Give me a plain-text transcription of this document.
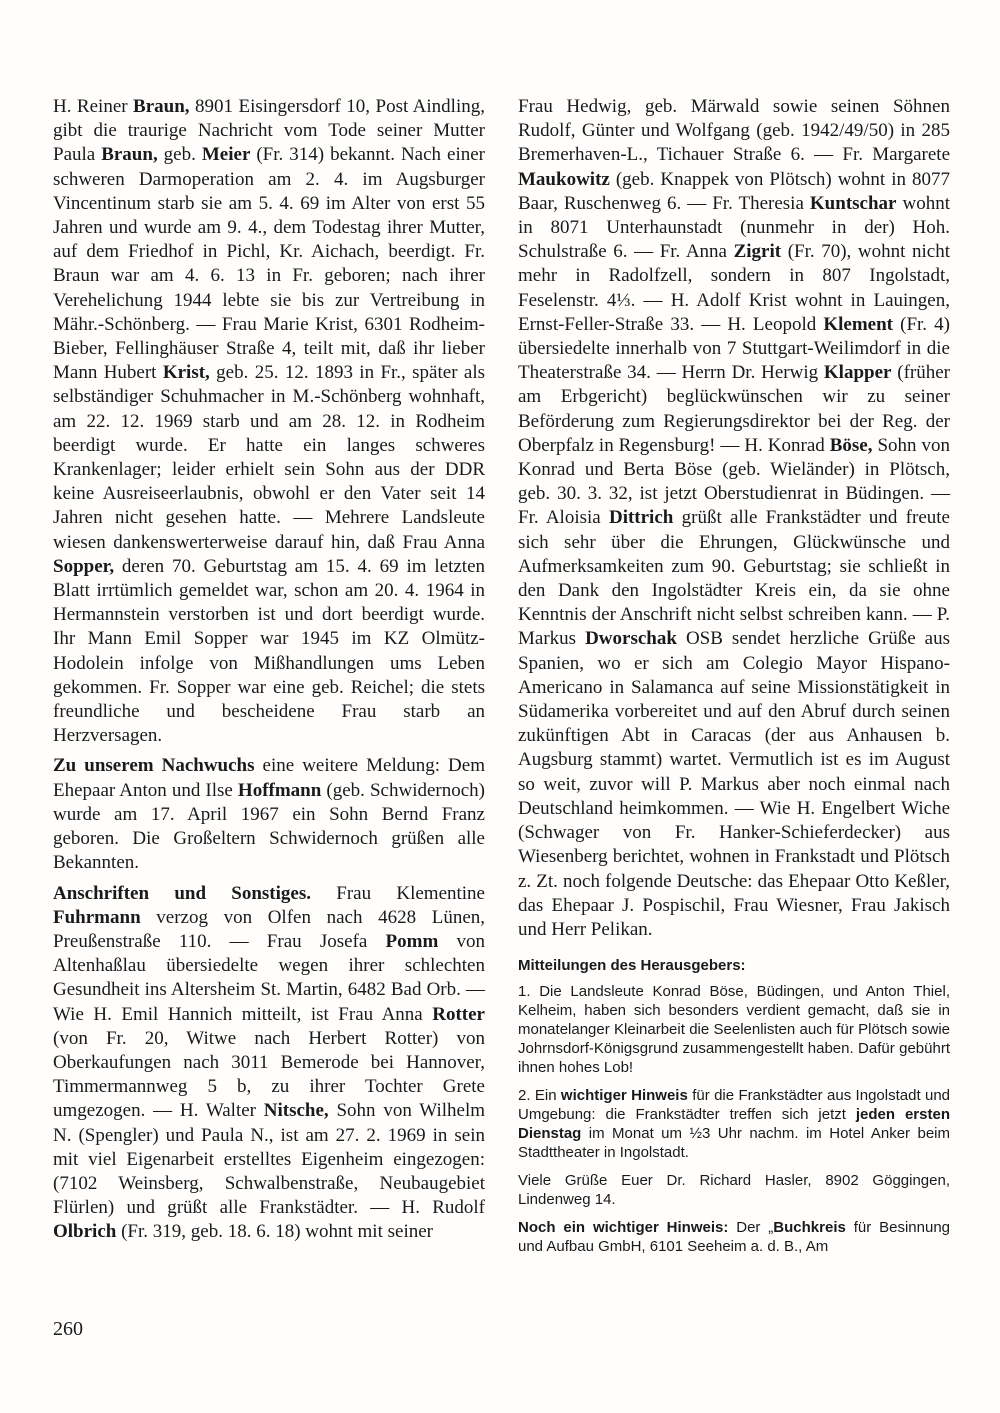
H. Reiner Braun, 8901 Eisingersdorf 10, Post Aindling, gibt die traurige Nachricht vom Tode seiner Mutter Paula Braun, geb. Meier (Fr. 314) bekannt. Nach einer schweren Darmoperation am 2. 4. im Augsburger Vincentinum starb sie am 5. 4. 69 im Alter von erst 55 Jahren und wurde am 9. 4., dem Todestag ihrer Mutter, auf dem Friedhof in Pichl, Kr. Aichach, beerdigt. Fr. Braun war am 4. 6. 13 in Fr. geboren; nach ihrer Verehelichung 1944 lebte sie bis zur Vertreibung in Mähr.-Schönberg. — Frau Marie Krist, 6301 Rodheim-Bieber, Fellinghäuser Straße 4, teilt mit, daß ihr lieber Mann Hubert Krist, geb. 25. 12. 1893 in Fr., später als selbständiger Schuhmacher in M.-Schönberg wohnhaft, am 22. 12. 1969 starb und am 28. 12. in Rodheim beerdigt wurde. Er hatte ein langes schweres Krankenlager; leider erhielt sein Sohn aus der DDR keine Ausreiseerlaubnis, obwohl er den Vater seit 14 Jahren nicht gesehen hatte. — Mehrere Landsleute wiesen dankenswerterweise darauf hin, daß Frau Anna Sopper, deren 70. Geburtstag am 15. 4. 69 im letzten Blatt irrtümlich gemeldet war, schon am 20. 4. 1964 in Hermannstein verstorben ist und dort beerdigt wurde. Ihr Mann Emil Sopper war 1945 im KZ Olmütz-Hodolein infolge von Mißhandlungen ums Leben gekommen. Fr. Sopper war eine geb. Reichel; die stets freundliche und bescheidene Frau starb an Herzversagen.

Zu unserem Nachwuchs eine weitere Meldung: Dem Ehepaar Anton und Ilse Hoffmann (geb. Schwidernoch) wurde am 17. April 1967 ein Sohn Bernd Franz geboren. Die Großeltern Schwidernoch grüßen alle Bekannten.

Anschriften und Sonstiges. Frau Klementine Fuhrmann verzog von Olfen nach 4628 Lünen, Preußenstraße 110. — Frau Josefa Pomm von Altenhaßlau übersiedelte wegen ihrer schlechten Gesundheit ins Altersheim St. Martin, 6482 Bad Orb. — Wie H. Emil Hannich mitteilt, ist Frau Anna Rotter (von Fr. 20, Witwe nach Herbert Rotter) von Oberkaufungen nach 3011 Bemerode bei Hannover, Timmermannweg 5 b, zu ihrer Tochter Grete umgezogen. — H. Walter Nitsche, Sohn von Wilhelm N. (Spengler) und Paula N., ist am 27. 2. 1969 in sein mit viel Eigenarbeit erstelltes Eigenheim eingezogen: (7102 Weinsberg, Schwalbenstraße, Neubaugebiet Flürlen) und grüßt alle Frankstädter. — H. Rudolf Olbrich (Fr. 319, geb. 18. 6. 18) wohnt mit seiner

Frau Hedwig, geb. Märwald sowie seinen Söhnen Rudolf, Günter und Wolfgang (geb. 1942/49/50) in 285 Bremerhaven-L., Tichauer Straße 6. — Fr. Margarete Maukowitz (geb. Knappek von Plötsch) wohnt in 8077 Baar, Ruschenweg 6. — Fr. Theresia Kuntschar wohnt in 8071 Unterhaunstadt (nunmehr in der) Hoh. Schulstraße 6. — Fr. Anna Zigrit (Fr. 70), wohnt nicht mehr in Radolfzell, sondern in 807 Ingolstadt, Feselenstr. 4⅓. — H. Adolf Krist wohnt in Lauingen, Ernst-Feller-Straße 33. — H. Leopold Klement (Fr. 4) übersiedelte innerhalb von 7 Stuttgart-Weilimdorf in die Theaterstraße 34. — Herrn Dr. Herwig Klapper (früher am Erbgericht) beglückwünschen wir zu seiner Beförderung zum Regierungsdirektor bei der Reg. der Oberpfalz in Regensburg! — H. Konrad Böse, Sohn von Konrad und Berta Böse (geb. Wieländer) in Plötsch, geb. 30. 3. 32, ist jetzt Oberstudienrat in Büdingen. — Fr. Aloisia Dittrich grüßt alle Frankstädter und freute sich sehr über die Ehrungen, Glückwünsche und Aufmerksamkeiten zum 90. Geburtstag; sie schließt in den Dank den Ingolstädter Kreis ein, da sie ohne Kenntnis der Anschrift nicht selbst schreiben kann. — P. Markus Dworschak OSB sendet herzliche Grüße aus Spanien, wo er sich am Colegio Mayor Hispano-Americano in Salamanca auf seine Missionstätigkeit in Südamerika vorbereitet und auf den Abruf durch seinen zukünftigen Abt in Caracas (der aus Anhausen b. Augsburg stammt) wartet. Vermutlich ist es im August so weit, zuvor will P. Markus aber noch einmal nach Deutschland heimkommen. — Wie H. Engelbert Wiche (Schwager von Fr. Hanker-Schieferdecker) aus Wiesenberg berichtet, wohnen in Frankstadt und Plötsch z. Zt. noch folgende Deutsche: das Ehepaar Otto Keßler, das Ehepaar J. Pospischil, Frau Wiesner, Frau Jakisch und Herr Pelikan.

Mitteilungen des Herausgebers:

1. Die Landsleute Konrad Böse, Büdingen, und Anton Thiel, Kelheim, haben sich besonders verdient gemacht, daß sie in monatelanger Kleinarbeit die Seelenlisten auch für Plötsch sowie Johrnsdorf-Königsgrund zusammengestellt haben. Dafür gebührt ihnen hohes Lob!

2. Ein wichtiger Hinweis für die Frankstädter aus Ingolstadt und Umgebung: die Frankstädter treffen sich jetzt jeden ersten Dienstag im Monat um ½3 Uhr nachm. im Hotel Anker beim Stadttheater in Ingolstadt.

Viele Grüße Euer Dr. Richard Hasler, 8902 Göggingen, Lindenweg 14.

Noch ein wichtiger Hinweis: Der „Buchkreis für Besinnung und Aufbau GmbH, 6101 Seeheim a. d. B., Am

260
